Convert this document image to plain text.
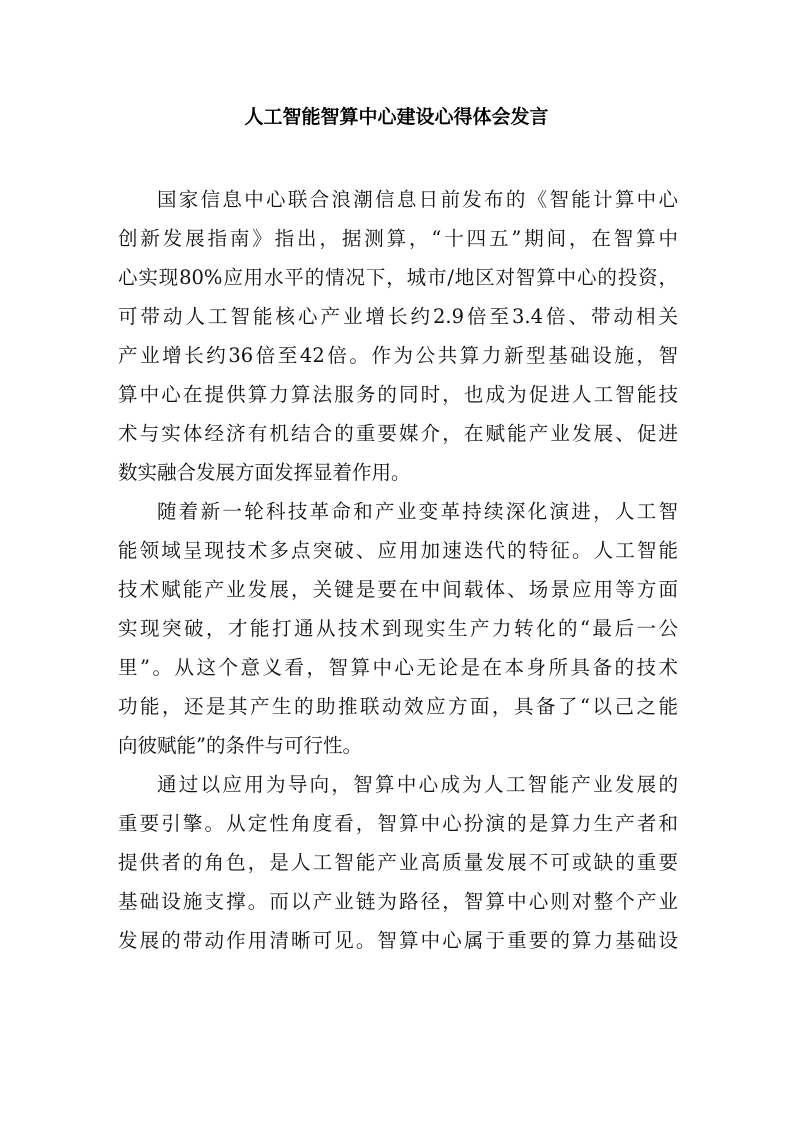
人工智能智算中心建设心得体会发言

国家信息中心联合浪潮信息日前发布的《智能计算中心
创新发展指南》指出，据测算，“十四五”期间，在智算中
心实现80%应用水平的情况下，城市/地区对智算中心的投资，
可带动人工智能核心产业增长约2.9倍至3.4倍、带动相关
产业增长约36倍至42倍。作为公共算力新型基础设施，智
算中心在提供算力算法服务的同时，也成为促进人工智能技
术与实体经济有机结合的重要媒介，在赋能产业发展、促进
数实融合发展方面发挥显着作用。

随着新一轮科技革命和产业变革持续深化演进，人工智
能领域呈现技术多点突破、应用加速迭代的特征。人工智能
技术赋能产业发展，关键是要在中间载体、场景应用等方面
实现突破，才能打通从技术到现实生产力转化的“最后一公
里”。从这个意义看，智算中心无论是在本身所具备的技术
功能，还是其产生的助推联动效应方面，具备了“以己之能
向彼赋能”的条件与可行性。

通过以应用为导向，智算中心成为人工智能产业发展的
重要引擎。从定性角度看，智算中心扮演的是算力生产者和
提供者的角色，是人工智能产业高质量发展不可或缺的重要
基础设施支撑。而以产业链为路径，智算中心则对整个产业
发展的带动作用清晰可见。智算中心属于重要的算力基础设
